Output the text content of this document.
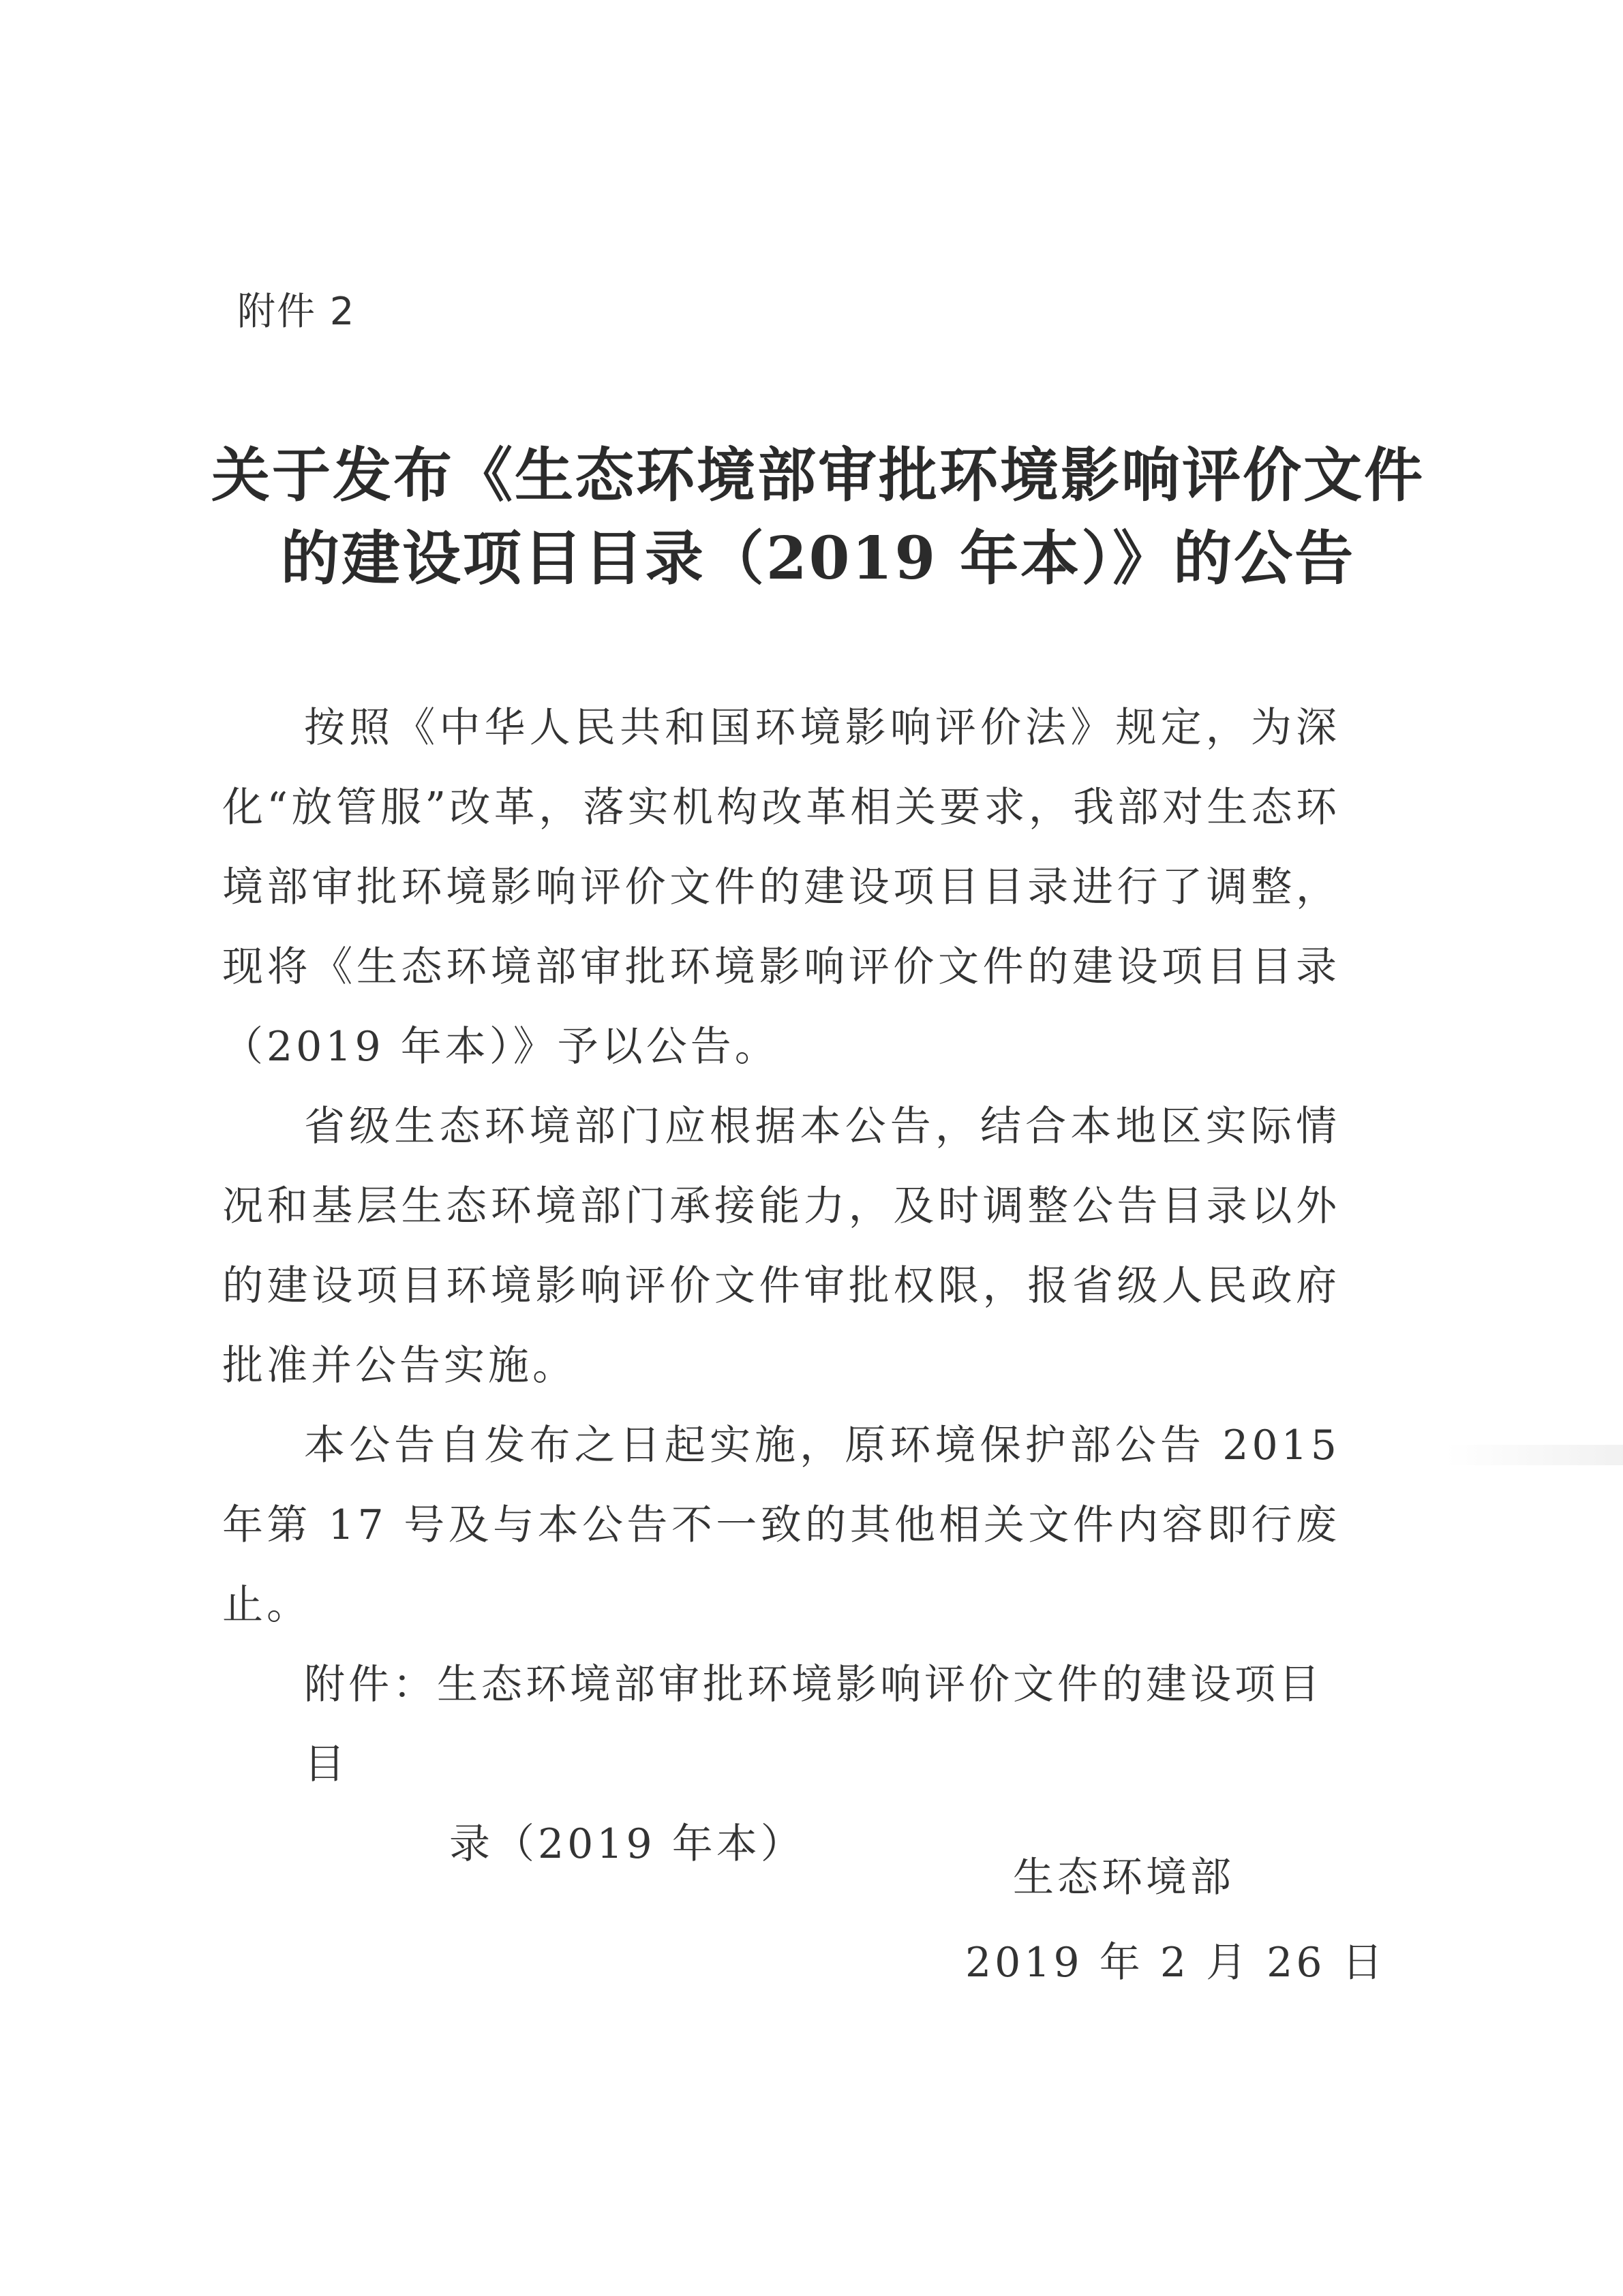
附件 2
关于发布《生态环境部审批环境影响评价文件
的建设项目目录（2019 年本）》的公告

按照《中华人民共和国环境影响评价法》规定，为深化“放管服”改革，落实机构改革相关要求，我部对生态环境部审批环境影响评价文件的建设项目目录进行了调整，现将《生态环境部审批环境影响评价文件的建设项目目录（2019 年本）》予以公告。

省级生态环境部门应根据本公告，结合本地区实际情况和基层生态环境部门承接能力，及时调整公告目录以外的建设项目环境影响评价文件审批权限，报省级人民政府批准并公告实施。

本公告自发布之日起实施，原环境保护部公告 2015 年第 17 号及与本公告不一致的其他相关文件内容即行废止。

附件：生态环境部审批环境影响评价文件的建设项目目
录（2019 年本）

生态环境部
2019 年 2 月 26 日
